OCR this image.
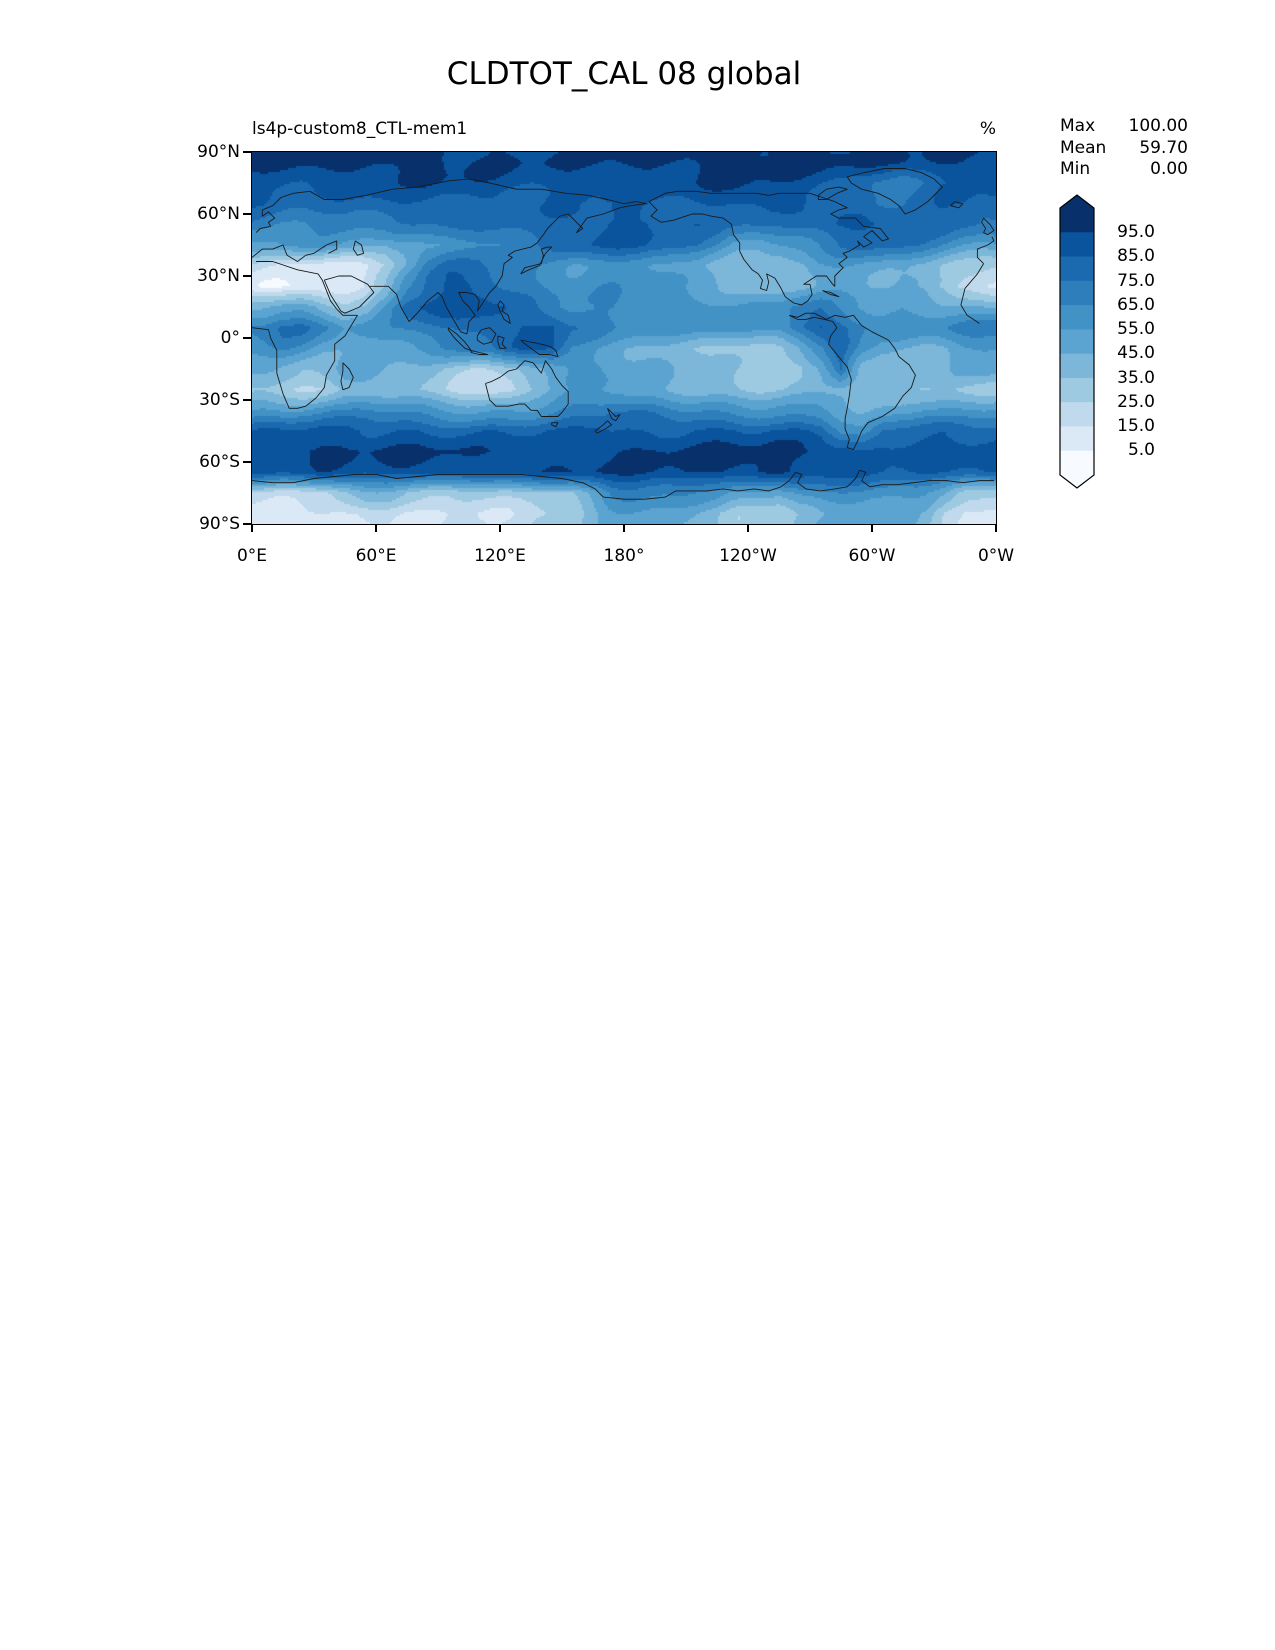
CLDTOT_CAL 08 global
ls4p-custom8_CTL-mem1	%	Max 100.00
Mean 59.70
Min	0.00
90°N
60°N
30°N
0°
30°S
60°S
90°S
0°E	60°E	120°E	180°	120°W	60°W	0°W
95.0
85.0
75.0
65.0
55.0
45.0
35.0
25.0
15.0
5.0
